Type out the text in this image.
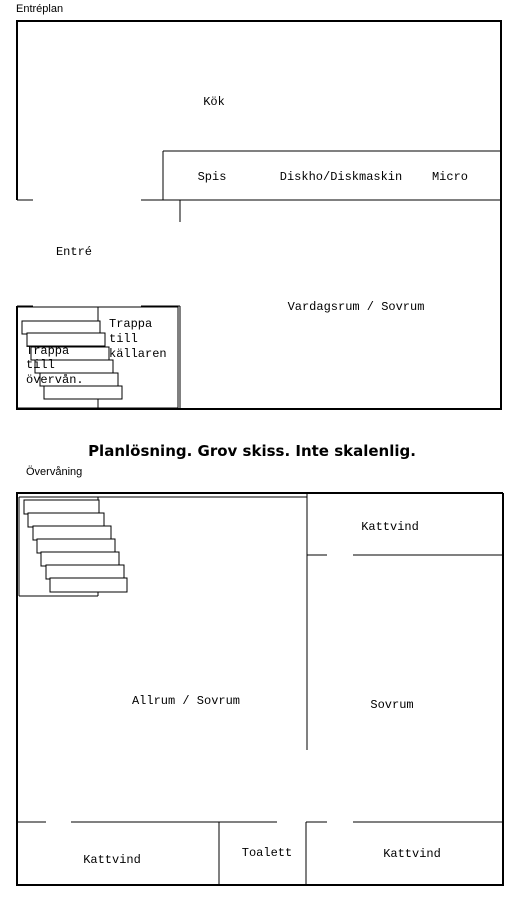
Entréplan
Kök
Spis	Diskho/Diskmaskin Micro
Entré
Vardagsrum / Sovrum
Trappa
till
källaren
Trappa
till
övervån.
Planlösning. Grov skiss. Inte skalenlig.
Övervåning
Kattvind
Allrum / Sovrum	Sovrum
Kattvind	Toalett	Kattvind
